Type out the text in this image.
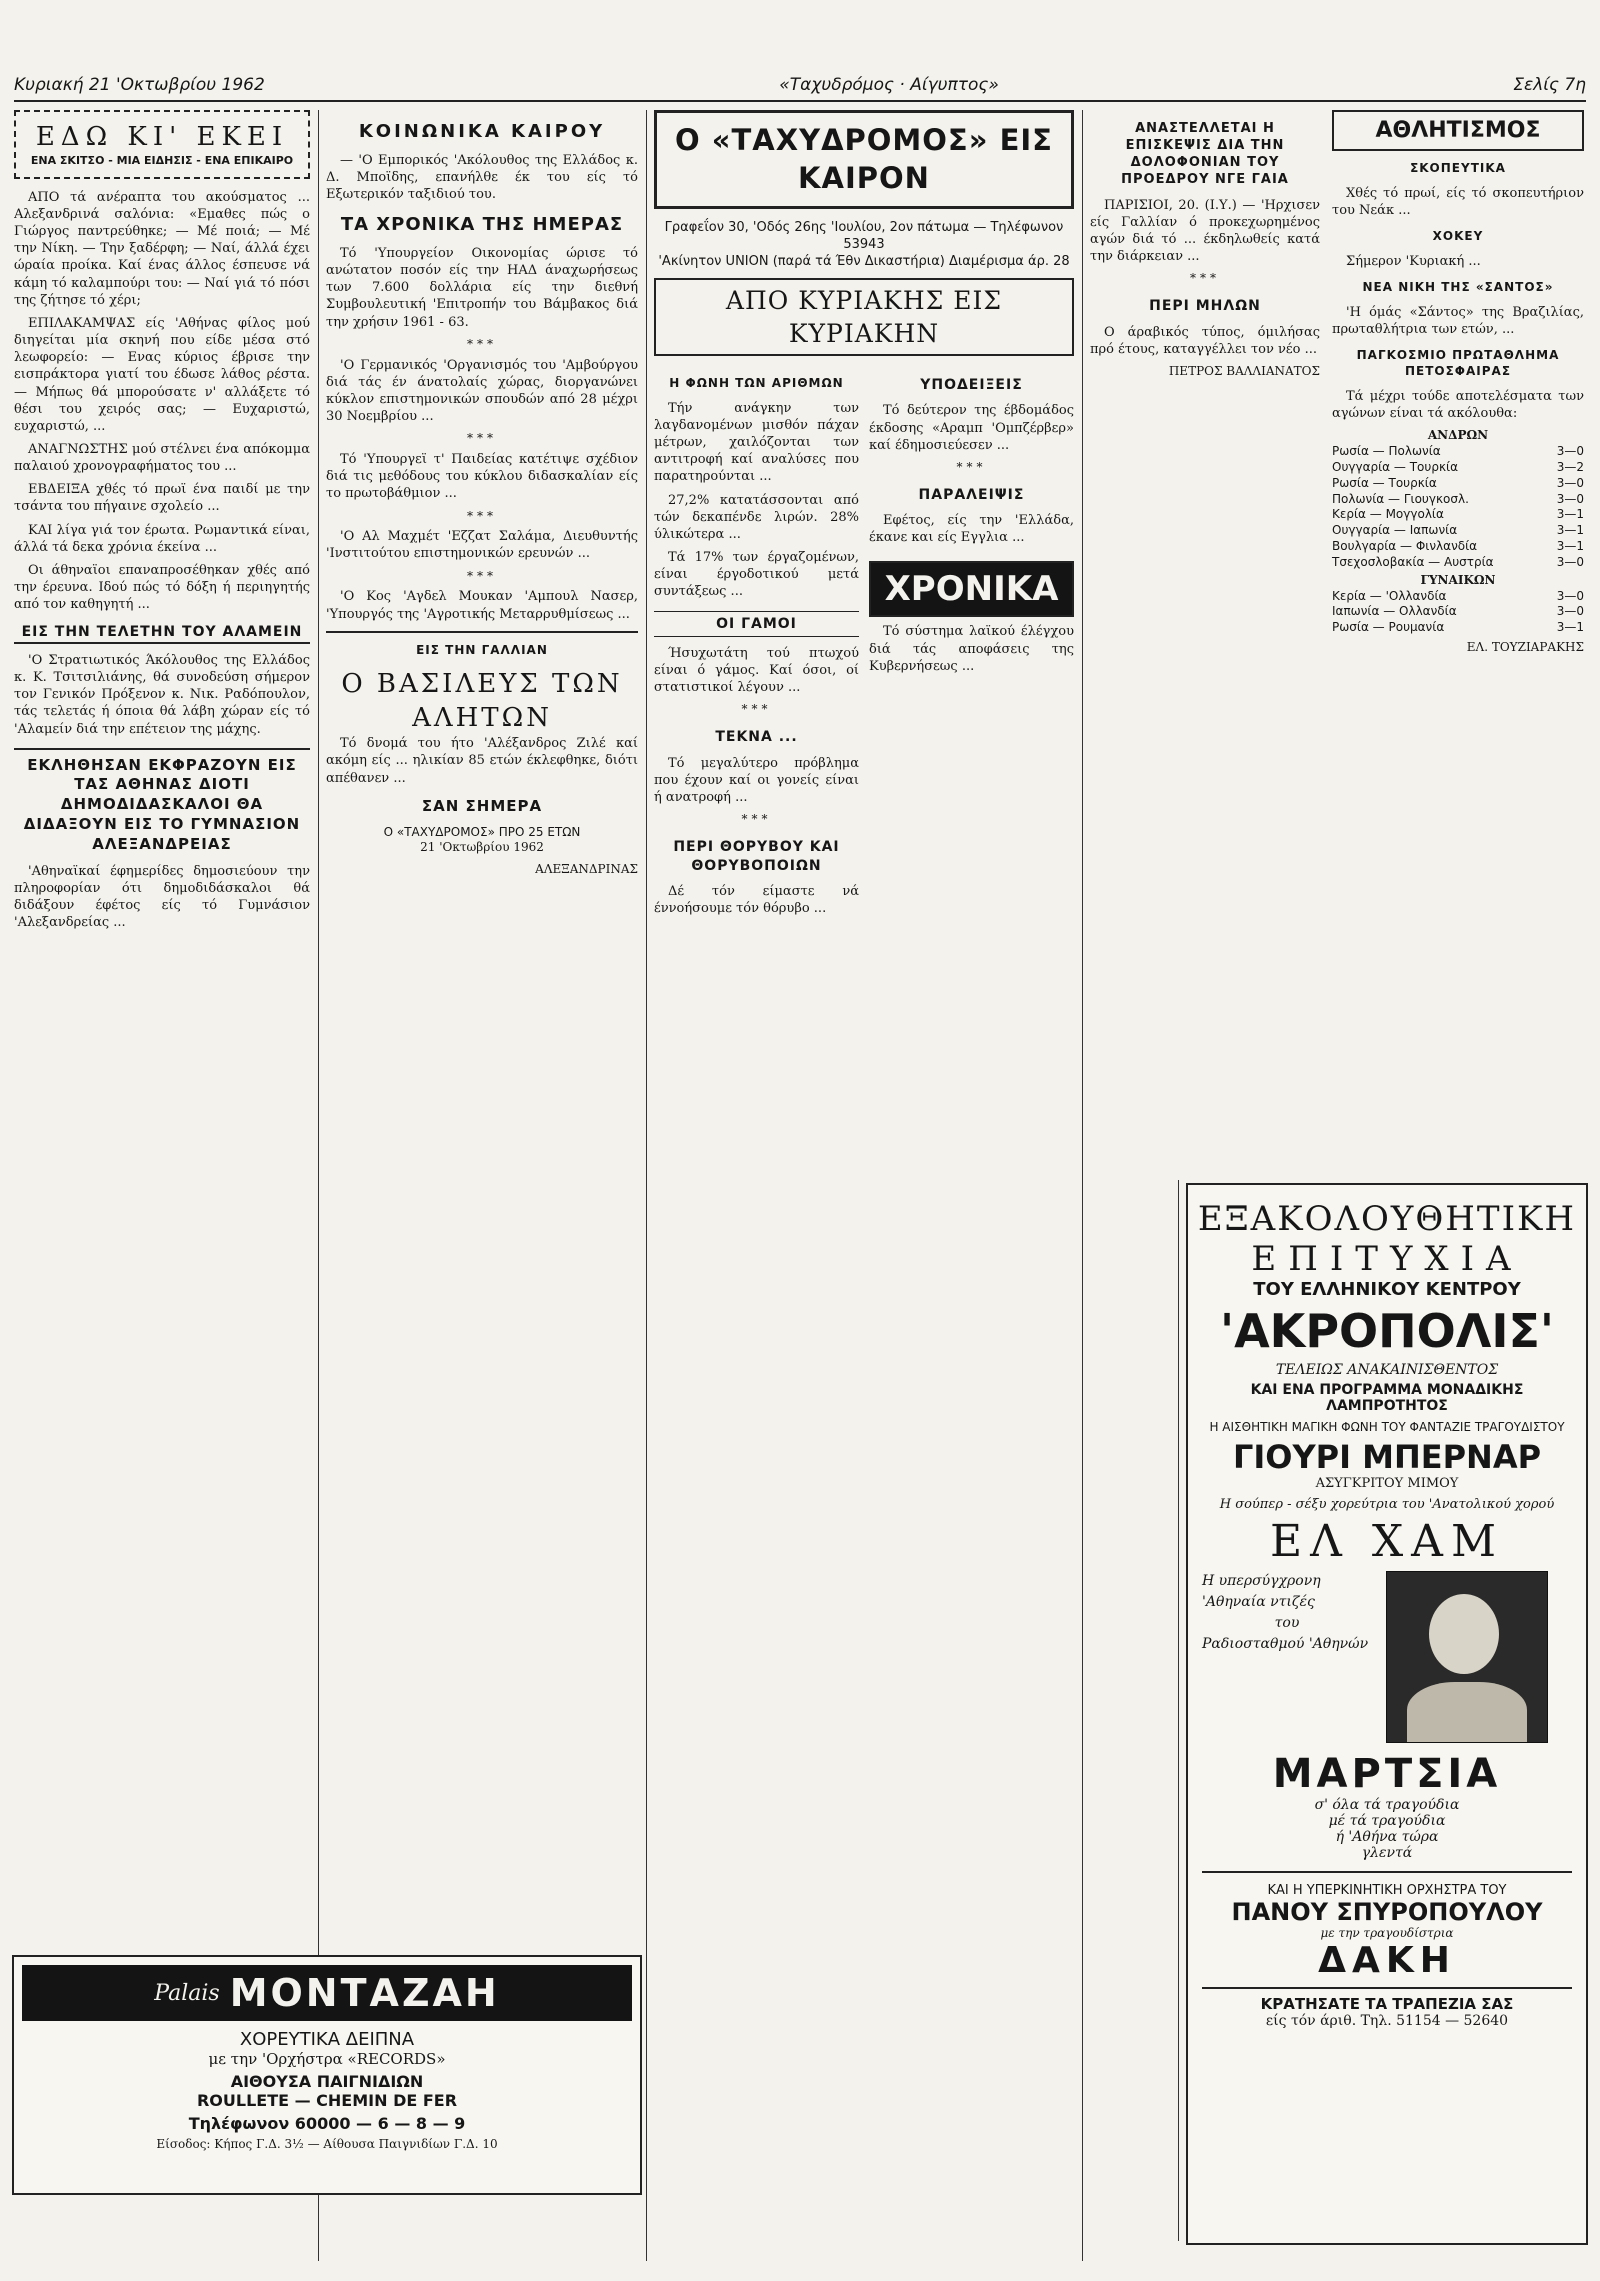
Κυριακή 21 'Οκτωβρίου 1962	«Ταχυδρόμος · Αίγυπτος»	Σελίς 7η
ΕΔΩ ΚΙ' ΕΚΕΙ
ΕΝΑ ΣΚΙΤΣΟ - ΜΙΑ ΕΙΔΗΣΙΣ - ΕΝΑ ΕΠΙΚΑΙΡΟ

ΑΠΟ τά ανέραπτα του ακούσματος ... Αλεξανδρινά σαλόνια: «Εμαθες πώς ο Γιώργος παντρεύθηκε; — Μέ ποιά; — Μέ την Νίκη. — Την ξαδέρφη; — Ναί, άλλά έχει ώραία προίκα. Καί ένας άλλος έσπευσε νά κάμη τό καλαμπούρι του: — Ναί γιά τό πόσι της ζήτησε τό χέρι;

ΕΠΙΛΑΚΑΜΨΑΣ είς 'Αθήνας φίλος μού διηγείται μία σκηνή που είδε μέσα στό λεωφορείο: — Ενας κύριος έβρισε την εισπράκτορα γιατί του έδωσε λάθος ρέστα. — Μήπως θά μπορούσατε ν' αλλάξετε τό θέσι του χειρός σας; — Ευχαριστώ, ευχαριστώ, ...

ΑΝΑΓΝΩΣΤΗΣ μού στέλνει ένα απόκομμα παλαιού χρονογραφήματος του ...

ΕΒΔΕΙΞΑ χθές τό πρωϊ ένα παιδί με την τσάντα του πήγαινε σχολείο ...

ΚΑΙ λίγα γιά τον έρωτα. Ρωμαντικά είναι, άλλά τά δεκα χρόνια έκείνα ...

Οι άθηναϊοι επαναπροσέθηκαν χθές από την έρευνα. Ιδού πώς τό δόξη ή περιηγητής από τον καθηγητή ...

ΕΙΣ ΤΗΝ ΤΕΛΕΤΗΝ ΤΟΥ ΑΛΑΜΕΙΝ

'Ο Στρατιωτικός Άκόλουθος της Ελλάδος κ. Κ. Τσιτσιλιάνης, θά συνοδεύση σήμερον τον Γενικόν Πρόξενον κ. Νικ. Ραδόπουλον, τάς τελετάς ή όποια θά λάβη χώραν είς τό 'Αλαμείν διά την επέτειον της μάχης.

ΕΚΛΗΘΗΣΑΝ ΕΚΦΡΑΖΟΥΝ ΕΙΣ ΤΑΣ ΑΘΗΝΑΣ ΔΙΟΤΙ ΔΗΜΟΔΙΔΑΣΚΑΛΟΙ ΘΑ ΔΙΔΑΞΟΥΝ ΕΙΣ ΤΟ ΓΥΜΝΑΣΙΟΝ ΑΛΕΞΑΝΔΡΕΙΑΣ

'Αθηναϊκαί έφημερίδες δημοσιεύουν την πληροφορίαν ότι δημοδιδάσκαλοι θά διδάξουν έφέτος είς τό Γυμνάσιον 'Αλεξανδρείας ...

Palais ΜΟΝΤΑΖΑΗ
ΧΟΡΕΥΤΙΚΑ ΔΕΙΠΝΑ
με την 'Ορχήστρα «RECORDS»
ΑΙΘΟΥΣΑ ΠΑΙΓΝΙΔΙΩΝ
ROULLETE — CHEMIN DE FER
Τηλέφωνον 60000 — 6 — 8 — 9
Είσοδος: Κήπος Γ.Δ. 3½ — Αίθουσα Παιγνιδίων Γ.Δ. 10
ΚΟΙΝΩΝΙΚΑ ΚΑΙΡΟΥ

— 'Ο Εμπορικός 'Ακόλουθος της Ελλάδος κ. Δ. Μποϊδης, επανήλθε έκ του είς τό Εξωτερικόν ταξιδιού του.

ΤΑ ΧΡΟΝΙΚΑ ΤΗΣ ΗΜΕΡΑΣ

Τό 'Υπουργείον Οικονομίας ώρισε τό ανώτατον ποσόν είς την ΗΑΔ άναχωρήσεως των 7.600 δολλάρια είς την διεθνή Συμβουλευτική 'Επιτροπήν του Βάμβακος διά την χρήσιν 1961 - 63.

***

'Ο Γερμανικός 'Οργανισμός του 'Αμβούργου διά τάς έν άνατολαίς χώρας, διοργανώνει κύκλον επιστημονικών σπουδών από 28 μέχρι 30 Νοεμβρίου ...

***

Τό 'Υπουργεϊ τ' Παιδείας κατέτιψε σχέδιον διά τις μεθόδους του κύκλου διδασκαλίαν είς το πρωτοβάθμιον ...

***

'Ο Αλ Μαχμέτ 'Εζζατ Σαλάμα, Διευθυντής 'Ινστιτούτου επιστημονικών ερευνών ...

***

'Ο Κος 'Αγδελ Μουκαν 'Αμπουλ Νασερ, 'Υπουργός της 'Αγροτικής Μεταρρυθμίσεως ...

ΕΙΣ ΤΗΝ ΓΑΛΛΙΑΝ
Ο ΒΑΣΙΛΕΥΣ ΤΩΝ ΑΛΗΤΩΝ

Τό δνομά του ήτο 'Αλέξανδρος Ζιλέ καί ακόμη είς ... ηλικίαν 85 ετών έκλεφθηκε, διότι απέθανεν ...

ΣΑΝ ΣΗΜΕΡΑ
Ο «ΤΑΧΥΔΡΟΜΟΣ» ΠΡΟ 25 ΕΤΩΝ
21 'Οκτωβρίου 1962
ΑΛΕΞΑΝΔΡΙΝΑΣ
Ο «ΤΑΧΥΔΡΟΜΟΣ» ΕΙΣ ΚΑΙΡΟΝ
Γραφεΐον 30, 'Οδός 26ης 'Ιουλίου, 2ον πάτωμα — Τηλέφωνον 53943
'Ακίνητον UNION (παρά τά Έθν Δικαστήρια) Διαμέρισμα άρ. 28
ΑΠΟ ΚΥΡΙΑΚΗΣ ΕΙΣ ΚΥΡΙΑΚΗΝ
Η ΦΩΝΗ ΤΩΝ ΑΡΙΘΜΩΝ

Τήν ανάγκην των λαγδανομένων μισθόν πάχαν μέτρων, χαιλόζονται των αντιτροφή καί αναλύσες που παρατηρούνται ...

27,2% κατατάσσονται από τών δεκαπένδε λιρών. 28% ύλικώτερα ...

Τά 17% των έργαζομένων, είναι έργοδοτικού μετά συντάξεως ...

ΟΙ ΓΑΜΟΙ

Ήσυχωτάτη τού πτωχού είναι ό γάμος. Καί όσοι, οί στατιστικοί λέγουν ...

***
ΤΕΚΝΑ ...

Τό μεγαλύτερο πρόβλημα που έχουν καί οι γονείς είναι ή ανατροφή ...

***
ΠΕΡΙ ΘΟΡΥΒΟΥ ΚΑΙ ΘΟΡΥΒΟΠΟΙΩΝ

Δέ τόν είμαστε νά έννοήσουμε τόν θόρυβο ...

ΥΠΟΔΕΙΞΕΙΣ

Τό δεύτερον της έβδομάδος έκδοσης «Αραμπ 'Ομπζέρβερ» καί έδημοσιεύεσεν ...

***
ΠΑΡΑΛΕΙΨΙΣ

Εφέτος, είς την 'Ελλάδα, έκανε και είς Εγγλια ...

ΧΡΟΝΙΚΑ

Τό σύστημα λαϊκού έλέγχου διά τάς αποφάσεις της Κυβερνήσεως ...

ΑΝΑΣΤΕΛΛΕΤΑΙ Η ΕΠΙΣΚΕΨΙΣ ΔΙΑ ΤΗΝ ΔΟΛΟΦΟΝΙΑΝ ΤΟΥ ΠΡΟΕΔΡΟΥ ΝΓΕ ΓΑΙΑ

ΠΑΡΙΣΙΟΙ, 20. (Ι.Υ.) — 'Ηρχισεν είς Γαλλίαν ό προκεχωρημένος αγών διά τό ... έκδηλωθείς κατά την διάρκειαν ...

***
ΠΕΡΙ ΜΗΛΩΝ

Ο άραβικός τύπος, όμιλήσας πρό έτους, καταγγέλλει τον νέο ...

ΠΕΤΡΟΣ ΒΑΛΛΙΑΝΑΤΟΣ
ΑΘΛΗΤΙΣΜΟΣ
ΣΚΟΠΕΥΤΙΚΑ

Χθές τό πρωί, είς τό σκοπευτήριον του Νεάκ ...

ΧΟΚΕΥ

Σήμερον 'Κυριακή ...

ΝΕΑ ΝΙΚΗ ΤΗΣ «ΣΑΝΤΟΣ»

'Η όμάς «Σάντος» της Βραζιλίας, πρωταθλήτρια των ετών, ...

ΠΑΓΚΟΣΜΙΟ ΠΡΩΤΑΘΛΗΜΑ ΠΕΤΟΣΦΑΙΡΑΣ

Τά μέχρι τούδε αποτελέσματα των αγώνων είναι τά ακόλουθα:

ΑΝΔΡΩΝ
Ρωσία — Πολωνία	3—0
Ουγγαρία — Τουρκία	3—2
Ρωσία — Τουρκία	3—0
Πολωνία — Γιουγκοσλ.	3—0
Κερία — Μογγολία	3—1
Ουγγαρία — Ιαπωνία	3—1
Βουλγαρία — Φινλανδία	3—1
Τσεχοσλοβακία — Αυστρία	3—0
ΓΥΝΑΙΚΩΝ
Κερία — 'Ολλανδία	3—0
Ιαπωνία — Ολλανδία	3—0
Ρωσία — Ρουμανία	3—1
ΕΛ. ΤΟΥΖΙΑΡΑΚΗΣ
ΕΞΑΚΟΛΟΥΘΗΤΙΚΗ
ΕΠΙΤΥΧΙΑ
ΤΟΥ ΕΛΛΗΝΙΚΟΥ ΚΕΝΤΡΟΥ
'ΑΚΡΟΠΟΛΙΣ'
ΤΕΛΕΙΩΣ ΑΝΑΚΑΙΝΙΣΘΕΝΤΟΣ
ΚΑΙ ΕΝΑ ΠΡΟΓΡΑΜΜΑ ΜΟΝΑΔΙΚΗΣ ΛΑΜΠΡΟΤΗΤΟΣ
Η ΑΙΣΘΗΤΙΚΗ ΜΑΓΙΚΗ ΦΩΝΗ ΤΟΥ ΦΑΝΤΑΖΙΕ ΤΡΑΓΟΥΔΙΣΤΟΥ
ΓΙΟΥΡΙ ΜΠΕΡΝΑΡ
ΑΣΥΓΚΡΙΤΟΥ ΜΙΜΟΥ
Η σούπερ - σέξυ χορεύτρια του 'Ανατολικού χορού
ΕΛ ΧΑΜ
Η υπερσύγχρονη 'Αθηναία ντιζές
του
Ραδιοσταθμού 'Αθηνών
ΜΑΡΤΣΙΑ
σ' όλα τά τραγούδια
μέ τά τραγούδια
ή 'Αθήνα τώρα
γλεντά
ΚΑΙ Η ΥΠΕΡΚΙΝΗΤΙΚΗ ΟΡΧΗΣΤΡΑ ΤΟΥ
ΠΑΝΟΥ ΣΠΥΡΟΠΟΥΛΟΥ
με την τραγουδίστρια
ΔΑΚΗ
ΚΡΑΤΗΣΑΤΕ ΤΑ ΤΡΑΠΕΖΙΑ ΣΑΣ
είς τόν άριθ. Τηλ. 51154 — 52640
